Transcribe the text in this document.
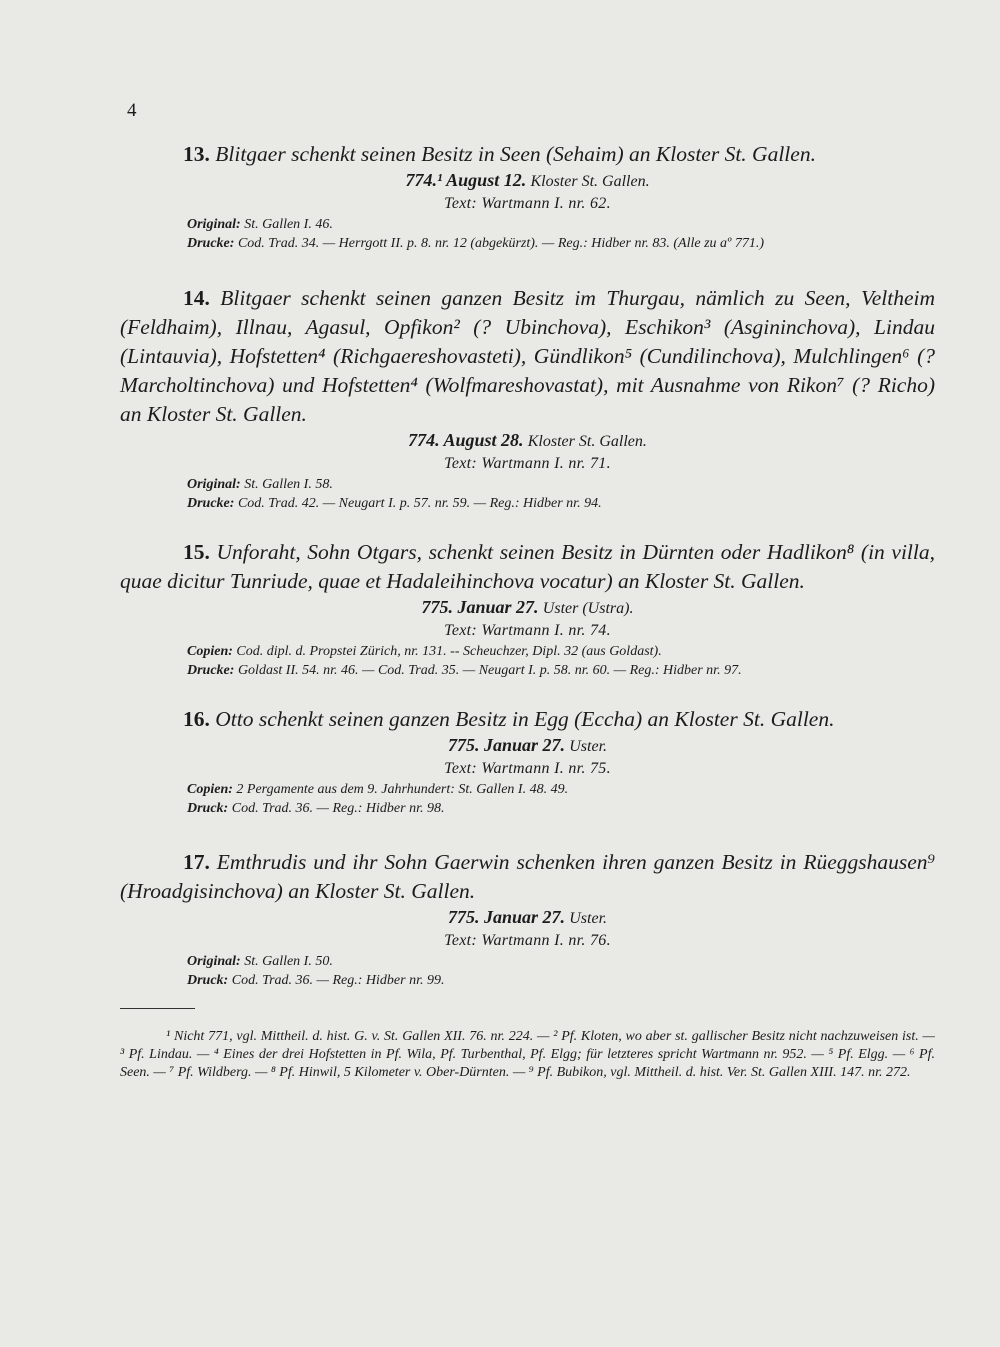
4

13. Blitgaer schenkt seinen Besitz in Seen (Sehaim) an Kloster St. Gallen.

774.¹ August 12. Kloster St. Gallen.

Text: Wartmann I. nr. 62.

Original: St. Gallen I. 46.

Drucke: Cod. Trad. 34. — Herrgott II. p. 8. nr. 12 (abgekürzt). — Reg.: Hidber nr. 83. (Alle zu aº 771.)

14. Blitgaer schenkt seinen ganzen Besitz im Thurgau, nämlich zu Seen, Veltheim (Feldhaim), Illnau, Agasul, Opfikon² (? Ubinchova), Eschikon³ (Asgininchova), Lindau (Lintauvia), Hofstetten⁴ (Richgaereshovasteti), Gündlikon⁵ (Cundilinchova), Mulchlingen⁶ (? Marcholtinchova) und Hofstetten⁴ (Wolfmareshovastat), mit Ausnahme von Rikon⁷ (? Richo) an Kloster St. Gallen.

774. August 28. Kloster St. Gallen.

Text: Wartmann I. nr. 71.

Original: St. Gallen I. 58.

Drucke: Cod. Trad. 42. — Neugart I. p. 57. nr. 59. — Reg.: Hidber nr. 94.

15. Unforaht, Sohn Otgars, schenkt seinen Besitz in Dürnten oder Hadlikon⁸ (in villa, quae dicitur Tunriude, quae et Hadaleihinchova vocatur) an Kloster St. Gallen.

775. Januar 27. Uster (Ustra).

Text: Wartmann I. nr. 74.

Copien: Cod. dipl. d. Propstei Zürich, nr. 131. -- Scheuchzer, Dipl. 32 (aus Goldast).

Drucke: Goldast II. 54. nr. 46. — Cod. Trad. 35. — Neugart I. p. 58. nr. 60. — Reg.: Hidber nr. 97.

16. Otto schenkt seinen ganzen Besitz in Egg (Eccha) an Kloster St. Gallen.

775. Januar 27. Uster.

Text: Wartmann I. nr. 75.

Copien: 2 Pergamente aus dem 9. Jahrhundert: St. Gallen I. 48. 49.

Druck: Cod. Trad. 36. — Reg.: Hidber nr. 98.

17. Emthrudis und ihr Sohn Gaerwin schenken ihren ganzen Besitz in Rüeggshausen⁹ (Hroadgisinchova) an Kloster St. Gallen.

775. Januar 27. Uster.

Text: Wartmann I. nr. 76.

Original: St. Gallen I. 50.

Druck: Cod. Trad. 36. — Reg.: Hidber nr. 99.

¹ Nicht 771, vgl. Mittheil. d. hist. G. v. St. Gallen XII. 76. nr. 224. — ² Pf. Kloten, wo aber st. gallischer Besitz nicht nachzuweisen ist. — ³ Pf. Lindau. — ⁴ Eines der drei Hofstetten in Pf. Wila, Pf. Turbenthal, Pf. Elgg; für letzteres spricht Wartmann nr. 952. — ⁵ Pf. Elgg. — ⁶ Pf. Seen. — ⁷ Pf. Wildberg. — ⁸ Pf. Hinwil, 5 Kilometer v. Ober-Dürnten. — ⁹ Pf. Bubikon, vgl. Mittheil. d. hist. Ver. St. Gallen XIII. 147. nr. 272.
